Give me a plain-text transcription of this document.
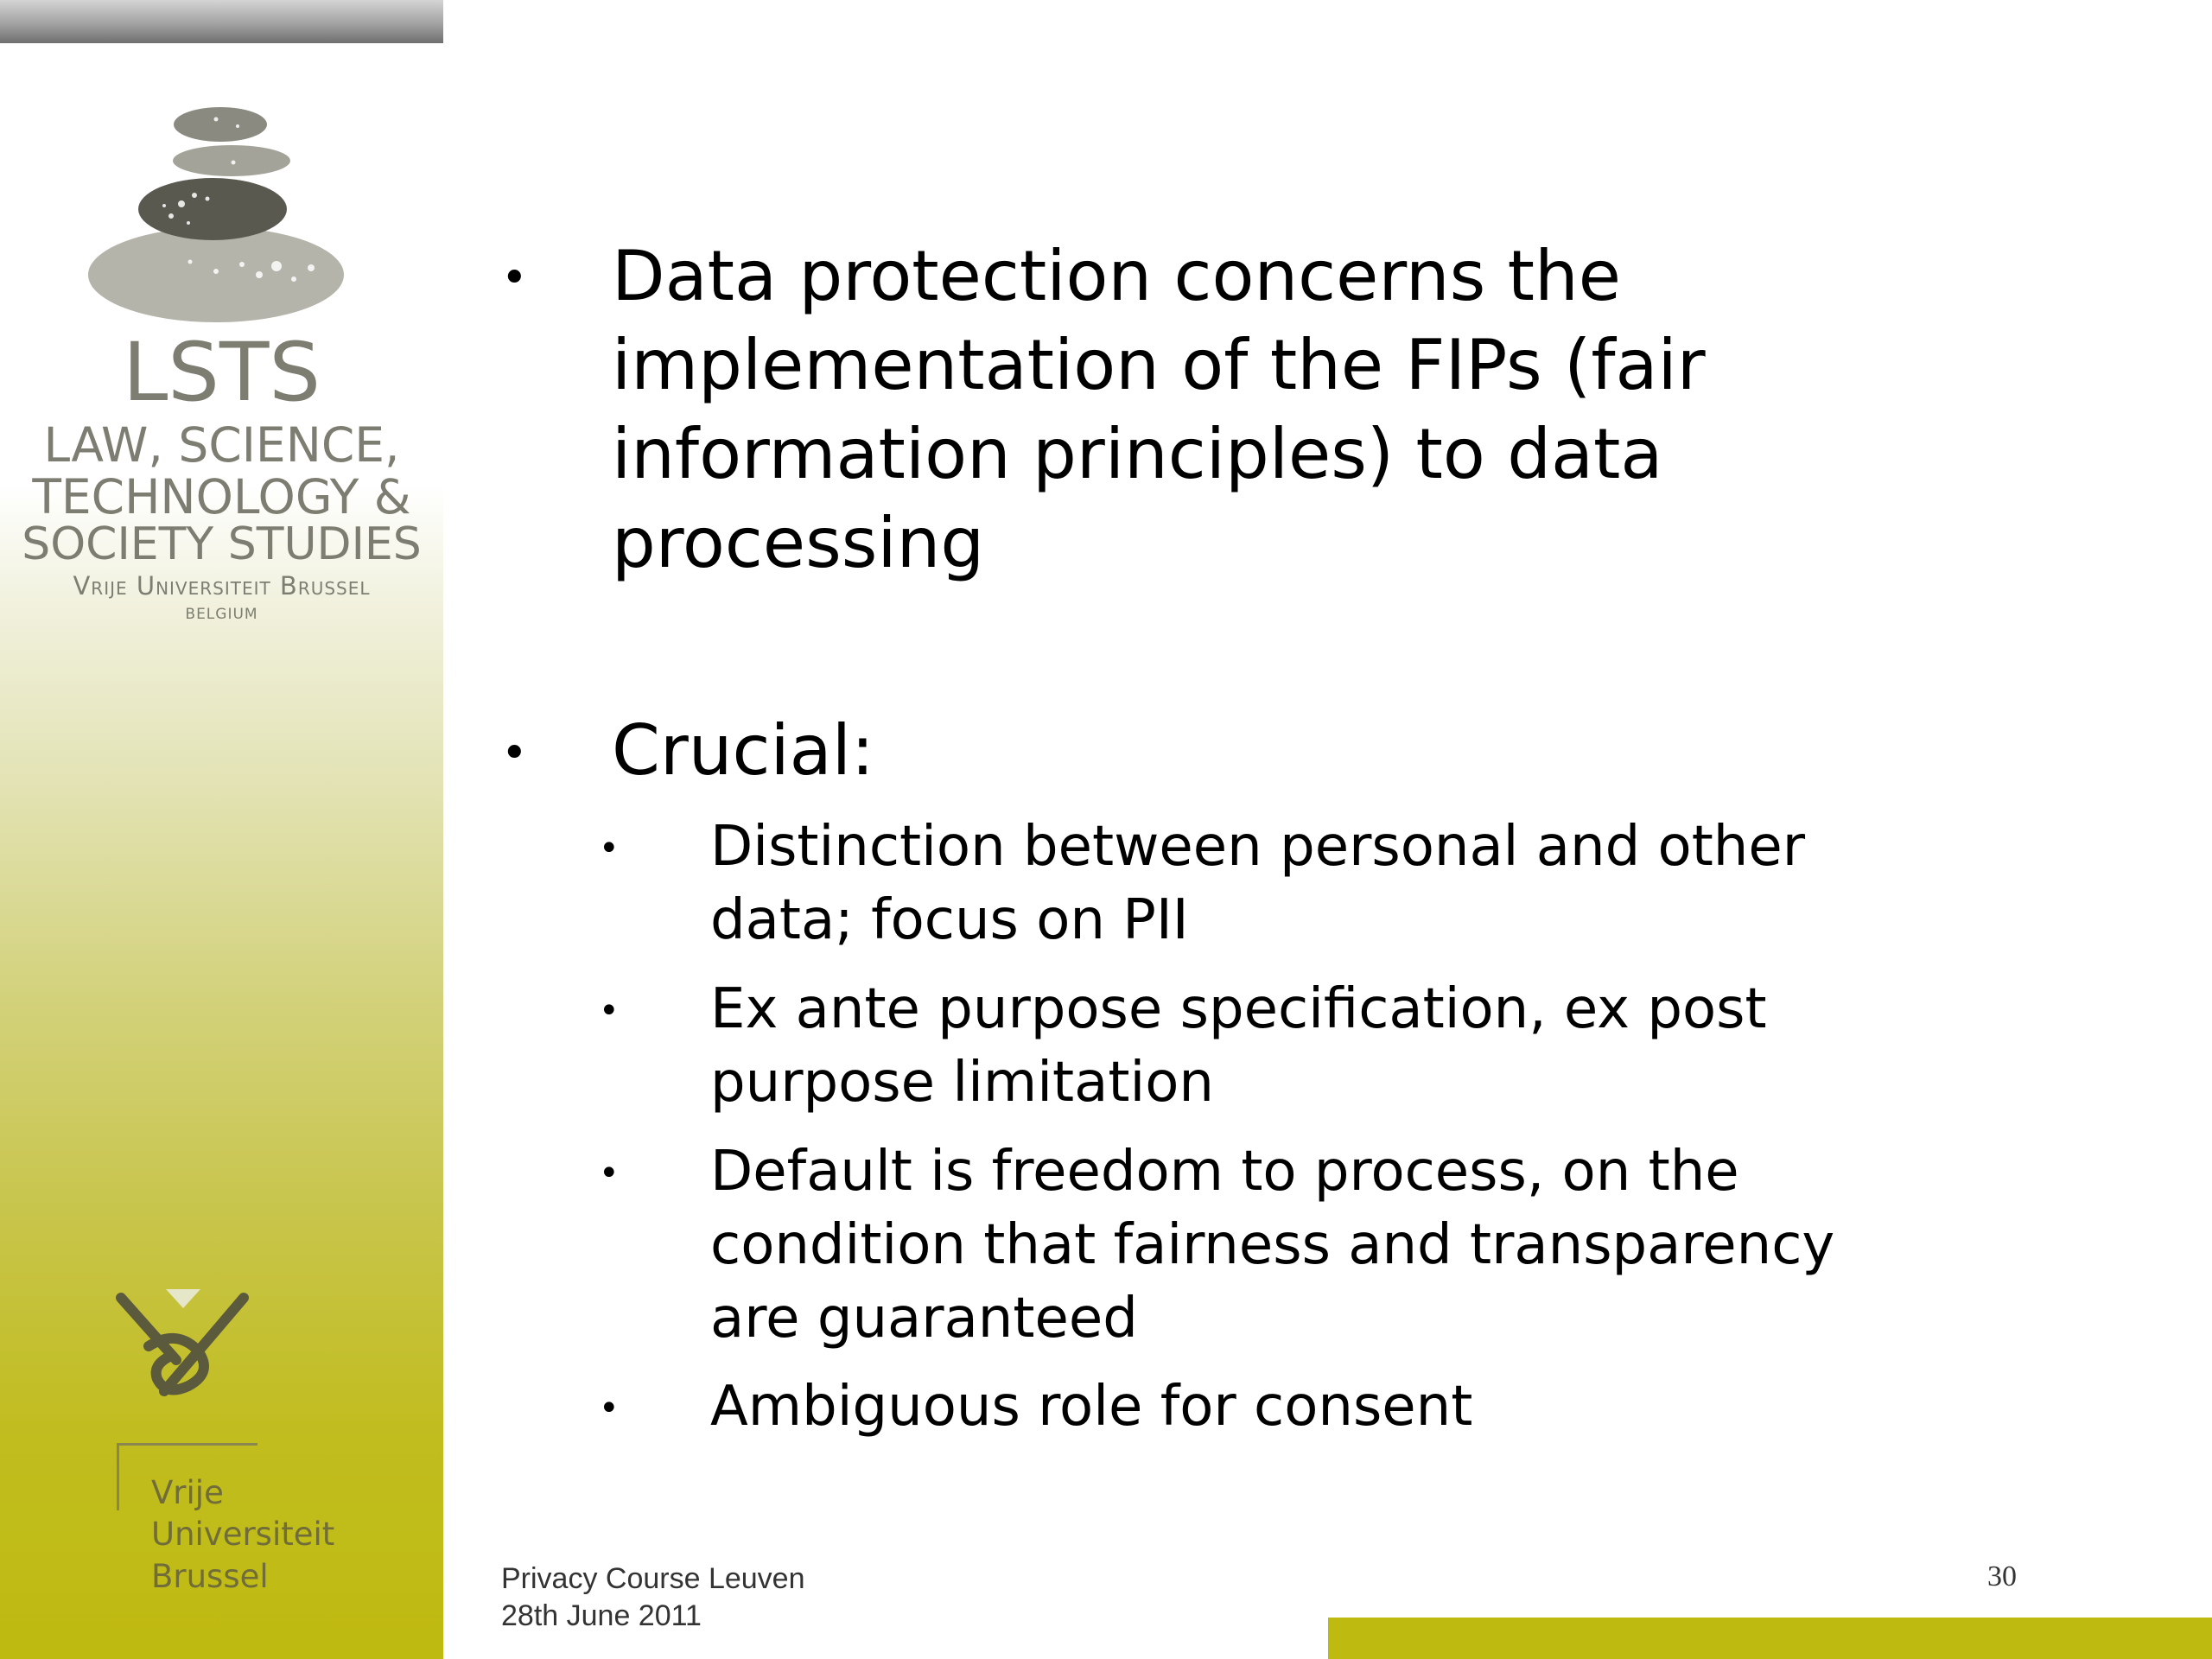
LSTS
LAW, SCIENCE,
TECHNOLOGY &
SOCIETY STUDIES
Vrije Universiteit Brussel
BELGIUM
Vrije
Universiteit
Brussel
• Data protection concerns the
implementation of the FIPs (fair
information principles) to data
processing
• Crucial:
• Distinction between personal and other
data; focus on PII
• Ex ante purpose specification, ex post
purpose limitation
• Default is freedom to process, on the
condition that fairness and transparency
are guaranteed
• Ambiguous role for consent
Privacy Course Leuven
28th June 2011
30
